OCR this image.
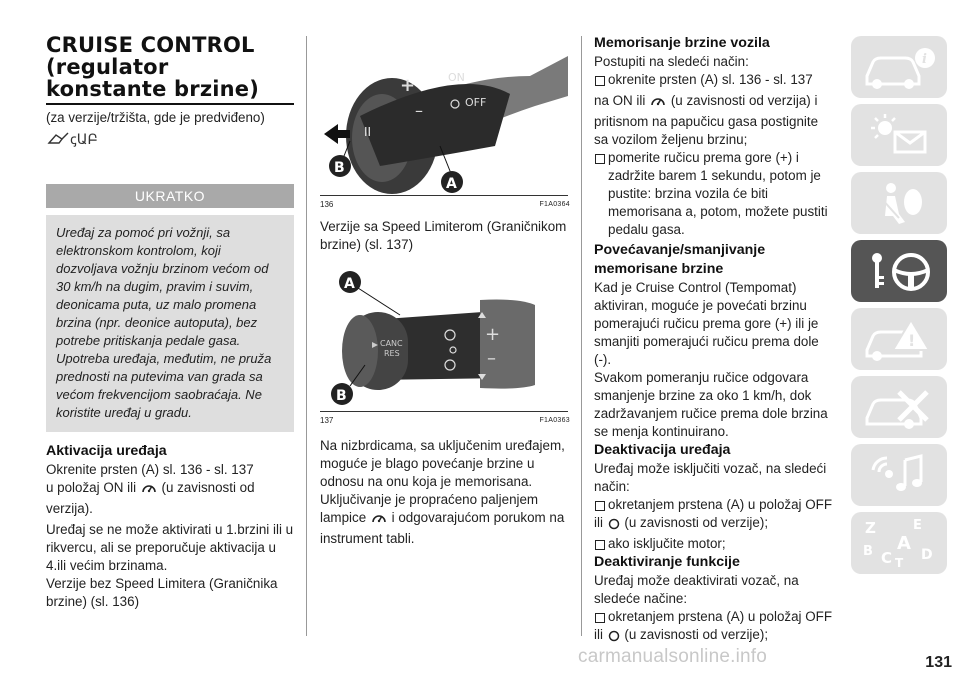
CRUISE CONTROL
(regulator
konstante brzine)
(za verzije/tržišta, gde je predviđeno)
ꞔԱԲ
UKRATKO
Uređaj za pomoć pri vožnji, sa elektronskom kontrolom, koji dozvoljava vožnju brzinom većom od 30 km/h na dugim, pravim i suvim, deonicama puta, uz malo promena brzina (npr. deonice autoputa), bez potrebe pritiskanja pedale gasa. Upotreba uređaja, međutim, ne pruža prednosti na putevima van grada sa većom frekvencijom saobraćaja. Ne koristite uređaj u gradu.
Aktivacija uređaja
Okrenite prsten (A) sl. 136 - sl. 137
u položaj ON ili (u zavisnosti od verzija).
Uređaj se ne može aktivirati u 1.brzini ili u rikvercu, ali se preporučuje aktivacija u 4.ili većim brzinama.
Verzije bez Speed Limitera (Graničnika brzine) (sl. 136)
+
–
ON
OFF
II
B
A
136	F1A0364
Verzije sa Speed Limiterom (Graničnikom brzine) (sl. 137)
CANC
RES
+
–
A
B
137	F1A0363
Na nizbrdicama, sa uključenim uređajem, moguće je blago povećanje brzine u odnosu na onu koja je memorisana.
Uključivanje je propraćeno paljenjem
lampice i odgovarajućom porukom na instrument tabli.
Memorisanje brzine vozila
Postupiti na sledeći način:
okrenite prsten (A) sl. 136 - sl. 137
na ON ili (u zavisnosti od verzija) i pritisnom na papučicu gasa postignite sa vozilom željenu brzinu;
pomerite ručicu prema gore (+) i zadržite barem 1 sekundu, potom je pustite: brzina vozila će biti memorisana a, potom, možete pustiti pedalu gasa.
Povećavanje/smanjivanje memorisane brzine
Kad je Cruise Control (Tempomat) aktiviran, moguće je povećati brzinu pomerajući ručicu prema gore (+) ili je smanjiti pomerajući ručicu prema dole (-).
Svakom pomeranju ručice odgovara smanjenje brzine za oko 1 km/h, dok zadržavanjem ručice prema dole brzina se menja kontinuirano.
Deaktivacija uređaja
Uređaj može isključiti vozač, na sledeći način:
okretanjem prstena (A) u položaj OFF
ili (u zavisnosti od verzije);
ako isključite motor;
Deaktiviranje funkcije
Uređaj može deaktivirati vozač, na sledeće načine:
okretanjem prstena (A) u položaj OFF
ili (u zavisnosti od verzije);
i
!
Z	E
A
B C T D
131
carmanualsonline.info
